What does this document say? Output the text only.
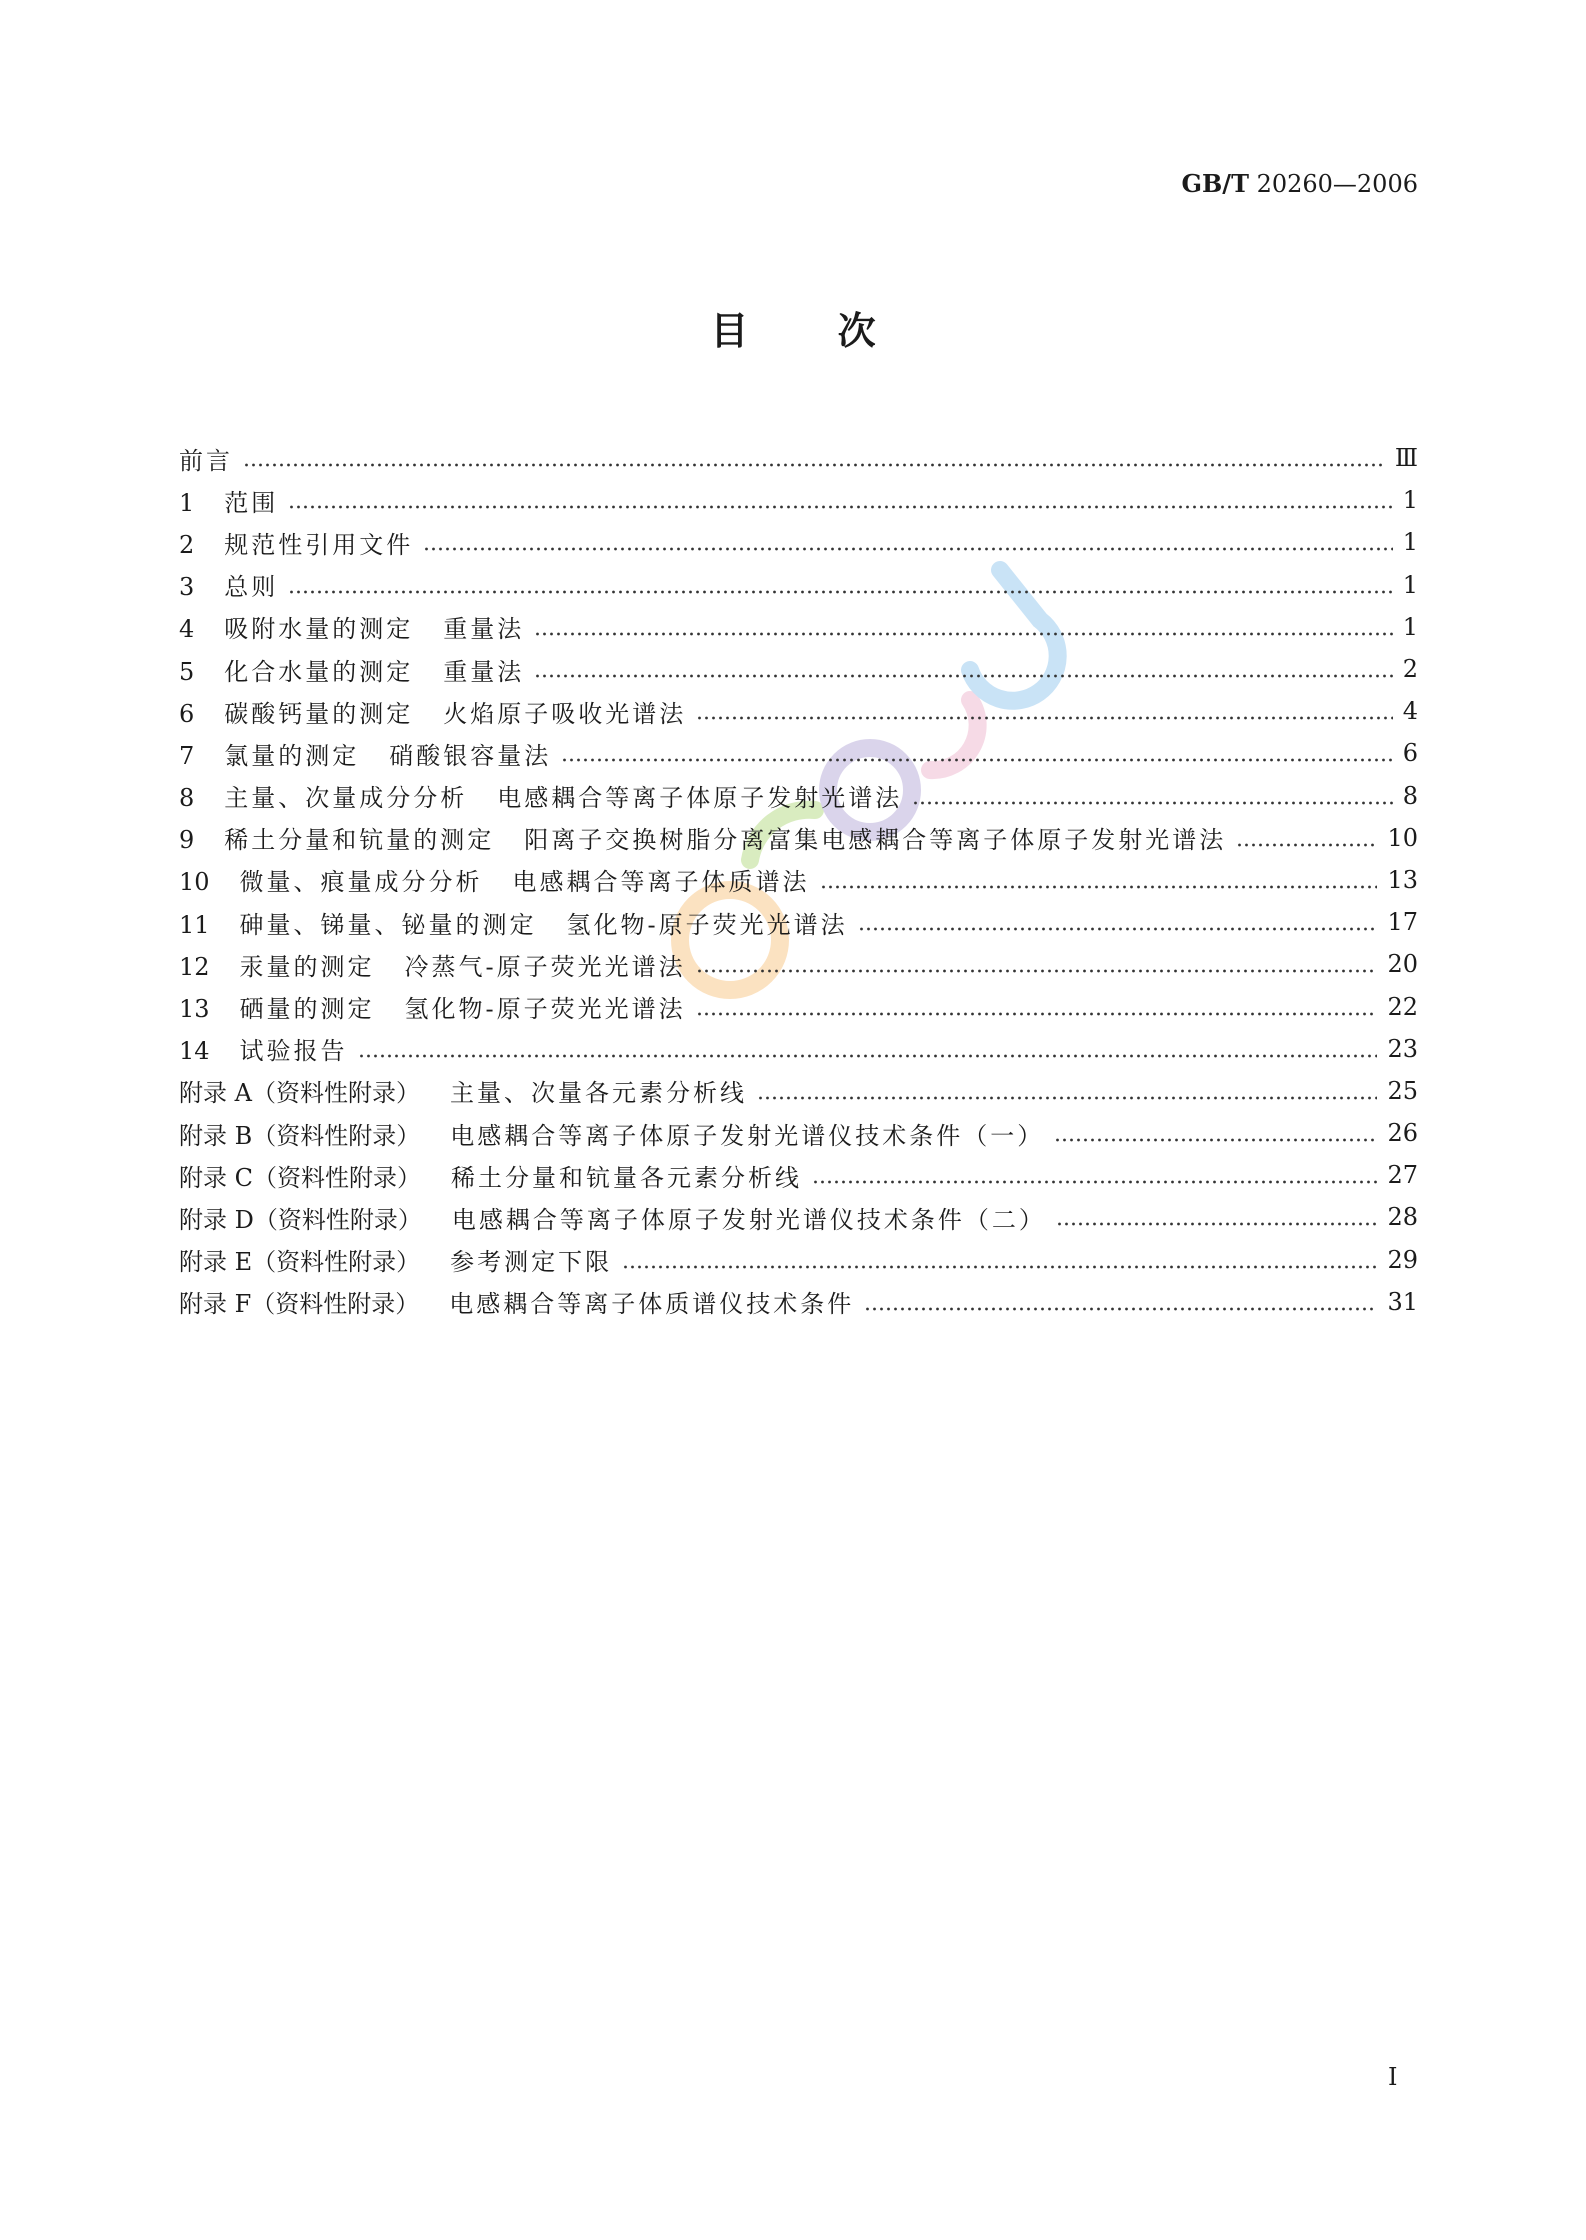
GB/T 20260—2006
目 次
前言	Ⅲ
1 范围	1
2 规范性引用文件	1
3 总则	1
4 吸附水量的测定 重量法	1
5 化合水量的测定 重量法	2
6 碳酸钙量的测定 火焰原子吸收光谱法	4
7 氯量的测定 硝酸银容量法	6
8 主量、次量成分分析 电感耦合等离子体原子发射光谱法	8
9 稀土分量和钪量的测定 阳离子交换树脂分离富集电感耦合等离子体原子发射光谱法	10
10 微量、痕量成分分析 电感耦合等离子体质谱法	13
11 砷量、锑量、铋量的测定 氢化物-原子荧光光谱法	17
12 汞量的测定 冷蒸气-原子荧光光谱法	20
13 硒量的测定 氢化物-原子荧光光谱法	22
14 试验报告	23
附录 A（资料性附录） 主量、次量各元素分析线	25
附录 B（资料性附录） 电感耦合等离子体原子发射光谱仪技术条件（一）	26
附录 C（资料性附录） 稀土分量和钪量各元素分析线	27
附录 D（资料性附录） 电感耦合等离子体原子发射光谱仪技术条件（二）	28
附录 E（资料性附录） 参考测定下限	29
附录 F（资料性附录） 电感耦合等离子体质谱仪技术条件	31
I
